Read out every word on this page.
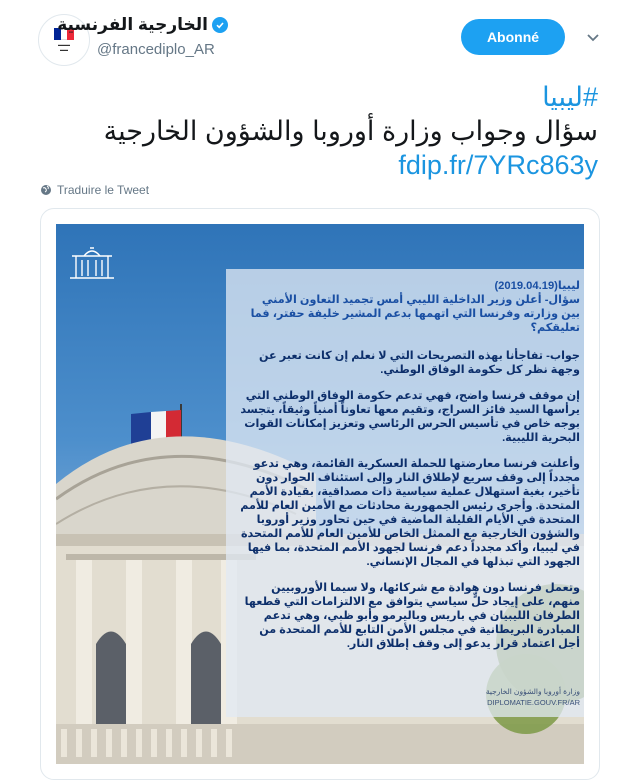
▬▬▬
▬▬
الخارجية الفرنسية
@francediplo_AR
Abonné
#ليبيا
سؤال وجواب وزارة أوروبا والشؤون الخارجية
fdip.fr/7YRc863y
Traduire le Tweet

ليبيا(2019.04.19)
سؤال- أعلن وزير الداخلية الليبي أمس تجميد التعاون الأمني بين وزارته وفرنسا التي اتهمها بدعم المشير خليفة حفتر، فما تعليقكم؟

جواب- تفاجأنا بهذه التصريحات التي لا نعلم إن كانت تعبر عن وجهة نظر كل حكومة الوفاق الوطني.

إن موقف فرنسا واضح، فهي تدعم حكومة الوفاق الوطني التي يرأسها السيد فائز السراج، وتقيم معها تعاوناً أمنياً وثيقاً، يتجسد بوجه خاص في تأسيس الحرس الرئاسي وتعزيز إمكانات القوات البحرية الليبية.

وأعلنت فرنسا معارضتها للحملة العسكرية القائمة، وهي تدعو مجدداً إلى وقف سريع لإطلاق النار وإلى استئناف الحوار دون تأخير، بغية استهلال عملية سياسية ذات مصداقية، بقيادة الأمم المتحدة. وأجرى رئيس الجمهورية محادثات مع الأمين العام للأمم المتحدة في الأيام القليلة الماضية في حين تحاور وزير أوروبا والشؤون الخارجية مع الممثل الخاص للأمين العام للأمم المتحدة في ليبيا، وأكد مجدداً دعم فرنسا لجهود الأمم المتحدة، بما فيها الجهود التي تبذلها في المجال الإنساني.

وتعمل فرنسا دون هوادة مع شركائها، ولا سيما الأوروبيين منهم، على إيجاد حلٍّ سياسي يتوافق مع الالتزامات التي قطعها الطرفان الليبيان في باريس وباليرمو وأبو ظبي، وهي تدعم المبادرة البريطانية في مجلس الأمن التابع للأمم المتحدة من أجل اعتماد قرار يدعو إلى وقف إطلاق النار.

وزارة أوروبا والشؤون الخارجية
DIPLOMATIE.GOUV.FR/AR
